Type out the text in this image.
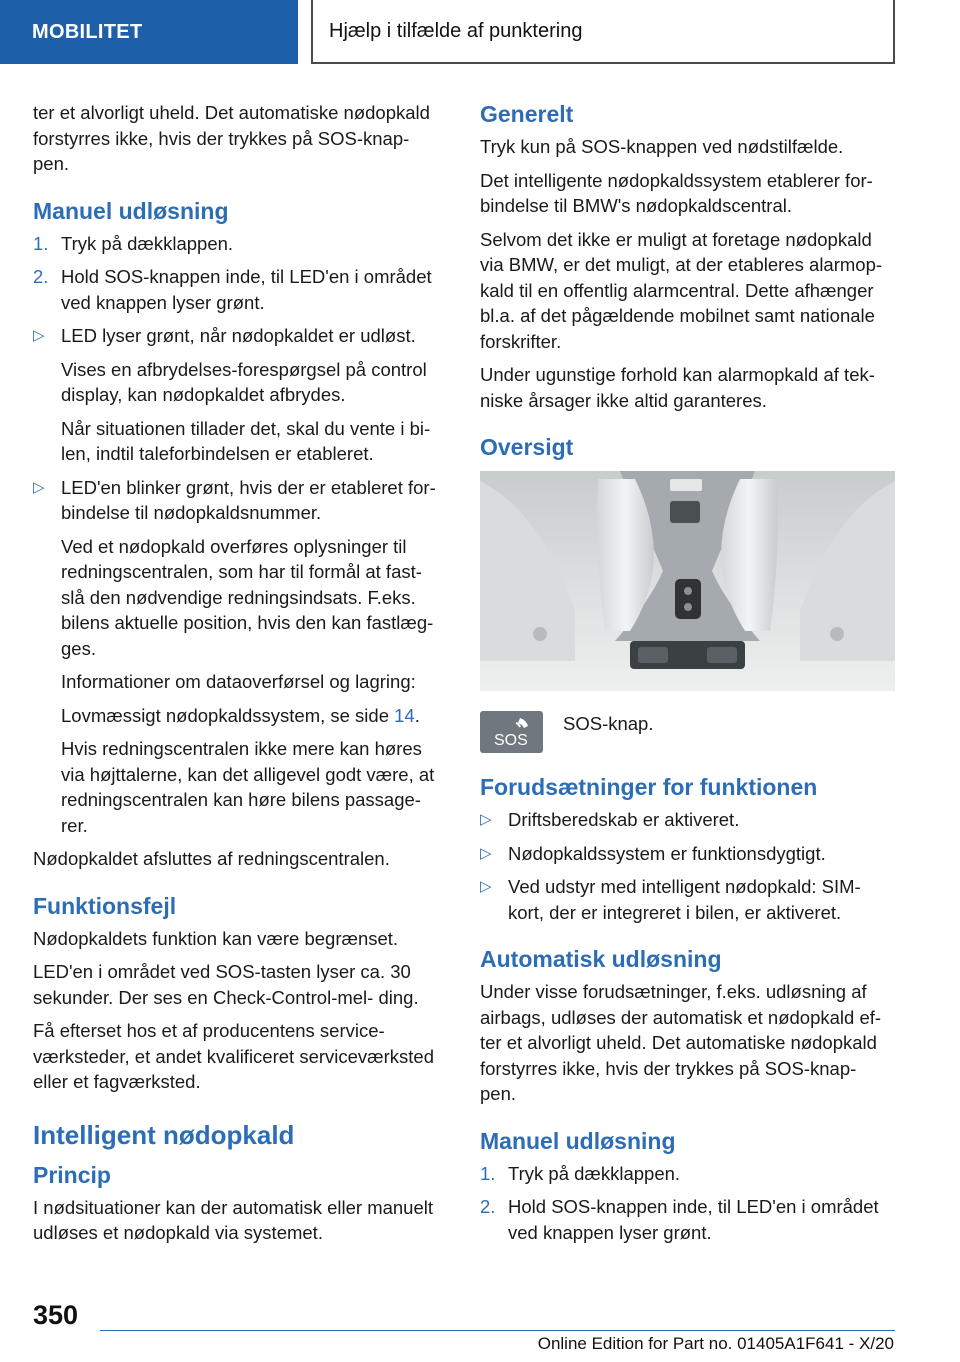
MOBILITET	Hjælp i tilfælde af punktering

ter et alvorligt uheld. Det automatiske nødopkald forstyrres ikke, hvis der trykkes på SOS-knap‐ pen.

Manuel udløsning
1. Tryk på dækklappen.
2. Hold SOS-knappen inde, til LED'en i området ved knappen lyser grønt.
▷ LED lyser grønt, når nødopkaldet er udløst.

Vises en afbrydelses-forespørgsel på control display, kan nødopkaldet afbrydes.

Når situationen tillader det, skal du vente i bi‐ len, indtil taleforbindelsen er etableret.

▷ LED'en blinker grønt, hvis der er etableret for‐ bindelse til nødopkaldsnummer.

Ved et nødopkald overføres oplysninger til redningscentralen, som har til formål at fast‐ slå den nødvendige redningsindsats. F.eks. bilens aktuelle position, hvis den kan fastlæg‐ ges.

Informationer om dataoverførsel og lagring:

Lovmæssigt nødopkaldssystem, se side 14.

Hvis redningscentralen ikke mere kan høres via højttalerne, kan det alligevel godt være, at redningscentralen kan høre bilens passage‐ rer.

Nødopkaldet afsluttes af redningscentralen.

Funktionsfejl

Nødopkaldets funktion kan være begrænset.

LED'en i området ved SOS-tasten lyser ca. 30 sekunder. Der ses en Check-Control-mel‐ ding.

Få efterset hos et af producentens service‐ værksteder, et andet kvalificeret serviceværksted eller et fagværksted.

Intelligent nødopkald
Princip

I nødsituationer kan der automatisk eller manuelt udløses et nødopkald via systemet.

Generelt

Tryk kun på SOS-knappen ved nødstilfælde.

Det intelligente nødopkaldssystem etablerer for‐ bindelse til BMW's nødopkaldscentral.

Selvom det ikke er muligt at foretage nødopkald via BMW, er det muligt, at der etableres alarmop‐ kald til en offentlig alarmcentral. Dette afhænger bl.a. af det pågældende mobilnet samt nationale forskrifter.

Under ugunstige forhold kan alarmopkald af tek‐ niske årsager ikke altid garanteres.

Oversigt
SOS
SOS-knap.
Forudsætninger for funktionen
▷ Driftsberedskab er aktiveret.
▷ Nødopkaldssystem er funktionsdygtigt.
▷ Ved udstyr med intelligent nødopkald: SIM- kort, der er integreret i bilen, er aktiveret.
Automatisk udløsning

Under visse forudsætninger, f.eks. udløsning af airbags, udløses der automatisk et nødopkald ef‐ ter et alvorligt uheld. Det automatiske nødopkald forstyrres ikke, hvis der trykkes på SOS-knap‐ pen.

Manuel udløsning
1. Tryk på dækklappen.
2. Hold SOS-knappen inde, til LED'en i området ved knappen lyser grønt.
350
Online Edition for Part no. 01405A1F641 - X/20
